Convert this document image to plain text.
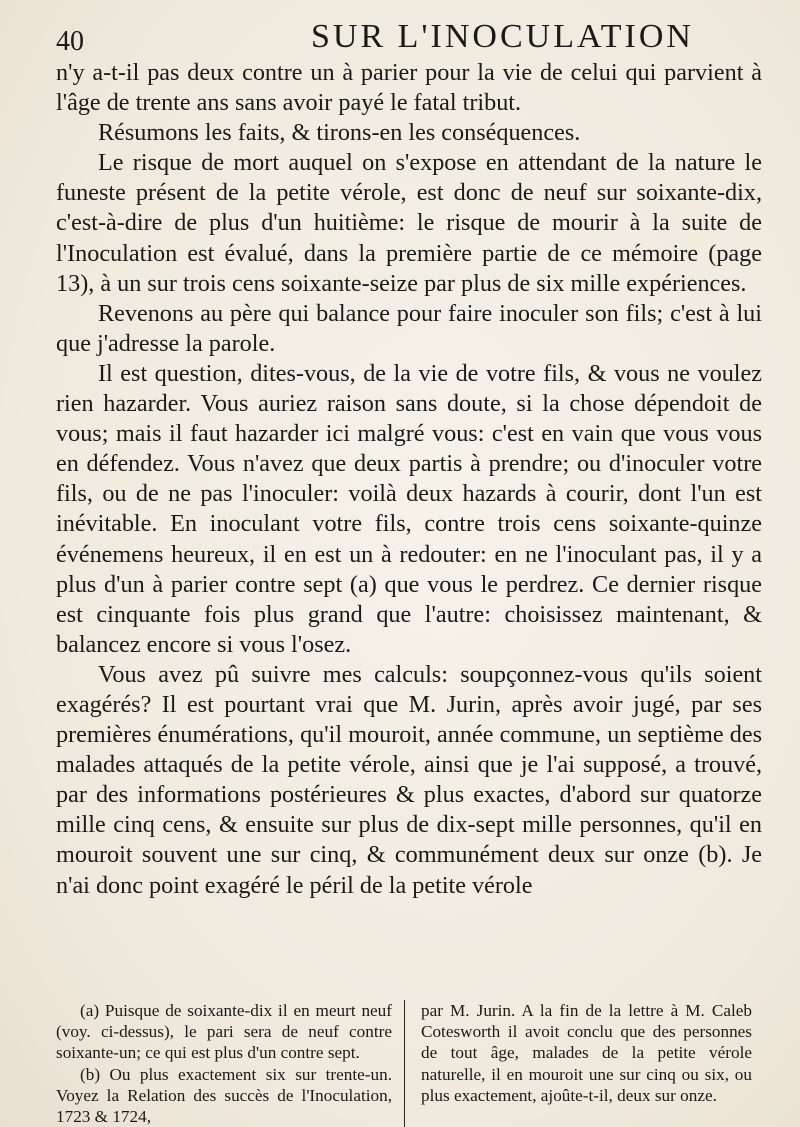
40	SUR L'INOCULATION

n'y a-t-il pas deux contre un à parier pour la vie de celui qui parvient à l'âge de trente ans sans avoir payé le fatal tribut.

Résumons les faits, & tirons-en les conséquences.

Le risque de mort auquel on s'expose en attendant de la nature le funeste présent de la petite vérole, est donc de neuf sur soixante-dix, c'est-à-dire de plus d'un huitième: le risque de mourir à la suite de l'Inoculation est évalué, dans la première partie de ce mémoire (page 13), à un sur trois cens soixante-seize par plus de six mille expériences.

Revenons au père qui balance pour faire inoculer son fils; c'est à lui que j'adresse la parole.

Il est question, dites-vous, de la vie de votre fils, & vous ne voulez rien hazarder. Vous auriez raison sans doute, si la chose dépendoit de vous; mais il faut hazarder ici malgré vous: c'est en vain que vous vous en défendez. Vous n'avez que deux partis à prendre; ou d'inoculer votre fils, ou de ne pas l'inoculer: voilà deux hazards à courir, dont l'un est inévitable. En inoculant votre fils, contre trois cens soixante-quinze événemens heureux, il en est un à redouter: en ne l'inoculant pas, il y a plus d'un à parier contre sept (a) que vous le perdrez. Ce dernier risque est cinquante fois plus grand que l'autre: choisissez maintenant, & balancez encore si vous l'osez.

Vous avez pû suivre mes calculs: soupçonnez-vous qu'ils soient exagérés? Il est pourtant vrai que M. Jurin, après avoir jugé, par ses premières énumérations, qu'il mouroit, année commune, un septième des malades attaqués de la petite vérole, ainsi que je l'ai supposé, a trouvé, par des informations postérieures & plus exactes, d'abord sur quatorze mille cinq cens, & ensuite sur plus de dix-sept mille personnes, qu'il en mouroit souvent une sur cinq, & communément deux sur onze (b). Je n'ai donc point exagéré le péril de la petite vérole

(a) Puisque de soixante-dix il en meurt neuf (voy. ci-dessus), le pari sera de neuf contre soixante-un; ce qui est plus d'un contre sept.

(b) Ou plus exactement six sur trente-un. Voyez la Relation des succès de l'Inoculation, 1723 & 1724,

par M. Jurin. A la fin de la lettre à M. Caleb Cotesworth il avoit conclu que des personnes de tout âge, malades de la petite vérole naturelle, il en mouroit une sur cinq ou six, ou plus exactement, ajoûte-t-il, deux sur onze.
